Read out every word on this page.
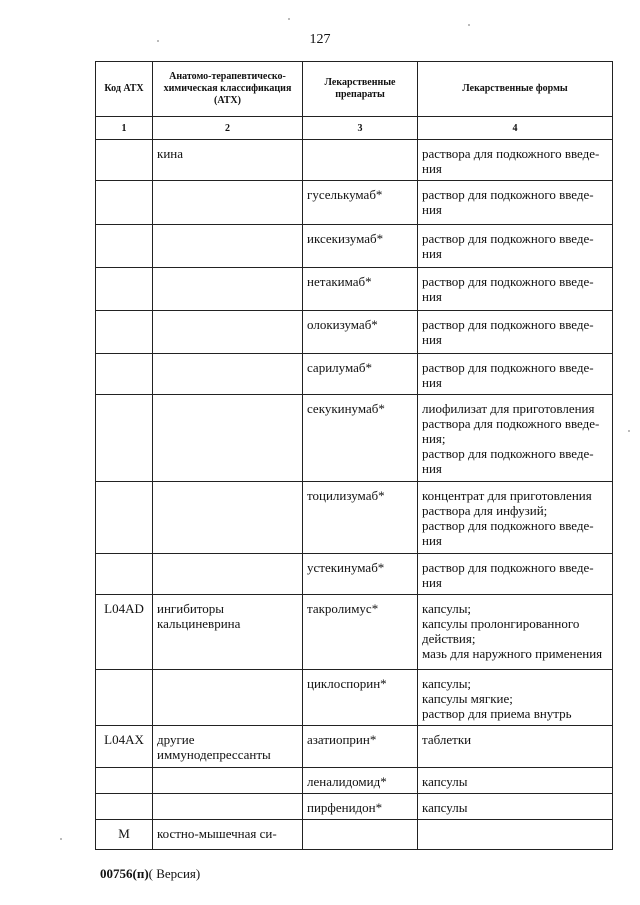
127
Код АТХ	Анатомо-терапевтическо-химическая классификация (АТХ)	Лекарственные препараты	Лекарственные формы
1	2	3	4
	кина		раствора для подкожного введе-
ния

		гуселькумаб*	раствор для подкожного введе-
ния

		иксекизумаб*	раствор для подкожного введе-
ния

		нетакимаб*	раствор для подкожного введе-
ния

		олокизумаб*	раствор для подкожного введе-
ния

		сарилумаб*	раствор для подкожного введе-
ния

		секукинумаб*	лиофилизат для приготовления
раствора для подкожного введе-
ния;
раствор для подкожного введе-
ния

		тоцилизумаб*	концентрат для приготовления
раствора для инфузий;
раствор для подкожного введе-
ния

		устекинумаб*	раствор для подкожного введе-
ния

L04AD	ингибиторы кальциневрина	такролимус*	капсулы;
капсулы пролонгированного
действия;
мазь для наружного применения

		циклоспорин*	капсулы;
капсулы мягкие;
раствор для приема внутрь

L04AX	другие иммунодепрессанты	азатиоприн*	таблетки

		леналидомид*	капсулы

		пирфенидон*	капсулы

M	костно-мышечная си-		
00756(п)( Версия)
